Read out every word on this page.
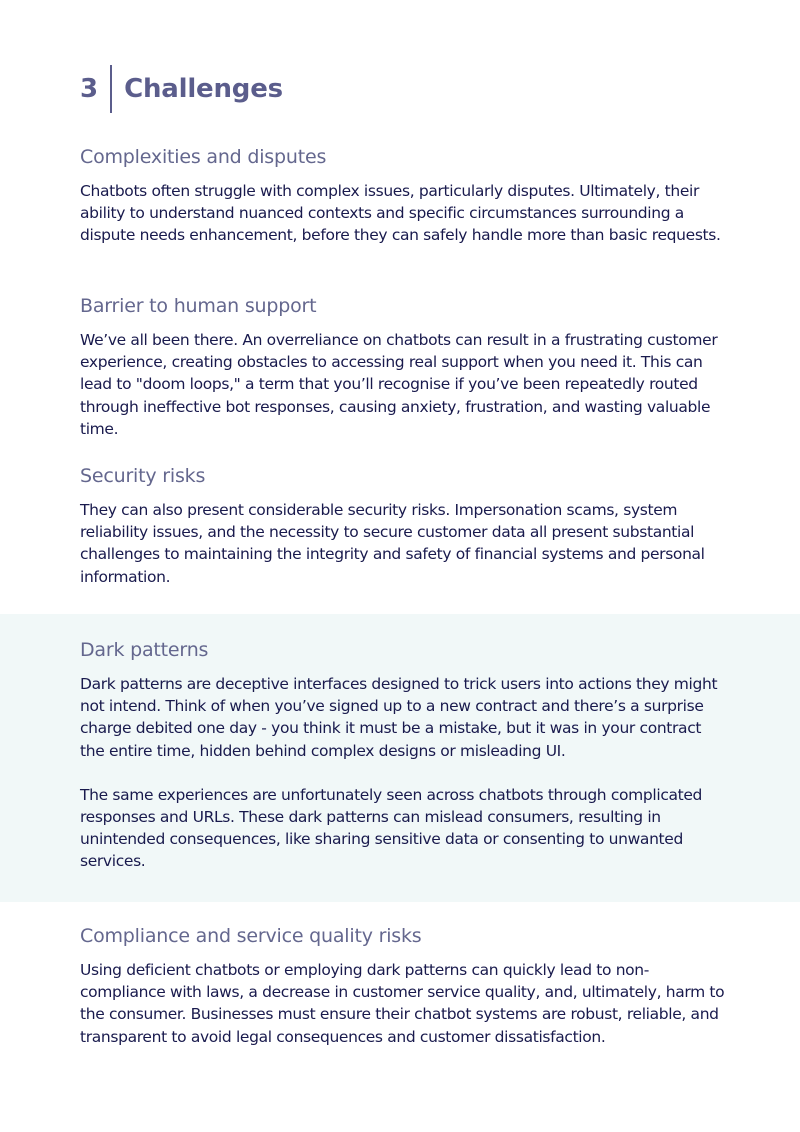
3 Challenges
Complexities and disputes

Chatbots often struggle with complex issues, particularly disputes. Ultimately, their ability to understand nuanced contexts and specific circumstances surrounding a dispute needs enhancement, before they can safely handle more than basic requests.

Barrier to human support

We’ve all been there. An overreliance on chatbots can result in a frustrating customer experience, creating obstacles to accessing real support when you need it. This can lead to "doom loops," a term that you’ll recognise if you’ve been repeatedly routed through ineffective bot responses, causing anxiety, frustration, and wasting valuable time.

Security risks

They can also present considerable security risks. Impersonation scams, system reliability issues, and the necessity to secure customer data all present substantial challenges to maintaining the integrity and safety of financial systems and personal information.

Dark patterns

Dark patterns are deceptive interfaces designed to trick users into actions they might not intend. Think of when you’ve signed up to a new contract and there’s a surprise charge debited one day - you think it must be a mistake, but it was in your contract the entire time, hidden behind complex designs or misleading UI.

The same experiences are unfortunately seen across chatbots through complicated responses and URLs. These dark patterns can mislead consumers, resulting in unintended consequences, like sharing sensitive data or consenting to unwanted services.

Compliance and service quality risks

Using deficient chatbots or employing dark patterns can quickly lead to non-compliance with laws, a decrease in customer service quality, and, ultimately, harm to the consumer. Businesses must ensure their chatbot systems are robust, reliable, and transparent to avoid legal consequences and customer dissatisfaction.
